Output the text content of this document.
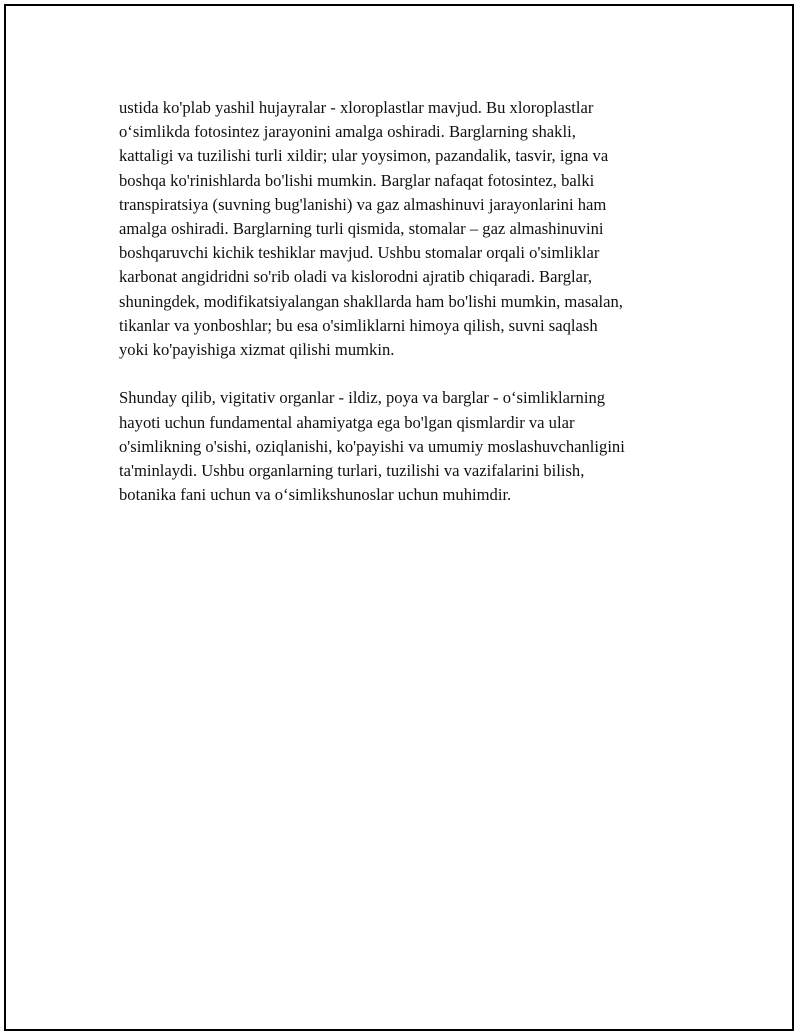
ustida ko'plab yashil hujayralar - xloroplastlar mavjud. Bu xloroplastlar
oʻsimlikda fotosintez jarayonini amalga oshiradi. Barglarning shakli,
kattaligi va tuzilishi turli xildir; ular yoysimon, pazandalik, tasvir, igna va
boshqa ko'rinishlarda bo'lishi mumkin. Barglar nafaqat fotosintez, balki
transpiratsiya (suvning bug'lanishi) va gaz almashinuvi jarayonlarini ham
amalga oshiradi. Barglarning turli qismida, stomalar – gaz almashinuvini
boshqaruvchi kichik teshiklar mavjud. Ushbu stomalar orqali o'simliklar
karbonat angidridni so'rib oladi va kislorodni ajratib chiqaradi. Barglar,
shuningdek, modifikatsiyalangan shakllarda ham bo'lishi mumkin, masalan,
tikanlar va yonboshlar; bu esa o'simliklarni himoya qilish, suvni saqlash
yoki ko'payishiga xizmat qilishi mumkin.

Shunday qilib, vigitativ organlar - ildiz, poya va barglar - oʻsimliklarning
hayoti uchun fundamental ahamiyatga ega bo'lgan qismlardir va ular
o'simlikning o'sishi, oziqlanishi, ko'payishi va umumiy moslashuvchanligini
ta'minlaydi. Ushbu organlarning turlari, tuzilishi va vazifalarini bilish,
botanika fani uchun va oʻsimlikshunoslar uchun muhimdir.
